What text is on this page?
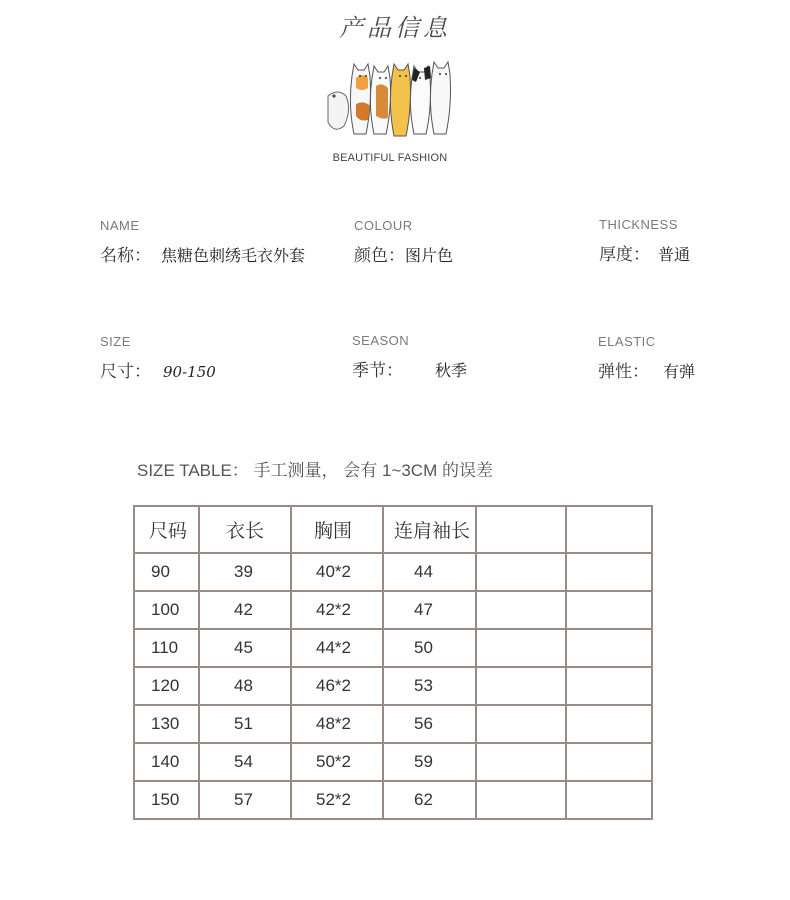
产品信息
BEAUTIFUL FASHION
NAME
名称： 焦糖色刺绣毛衣外套
COLOUR
颜色：图片色
THICKNESS
厚度： 普通
SIZE
尺寸： 90-150
SEASON
季节： 秋季
ELASTIC
弹性： 有弹
SIZE TABLE： 手工测量， 会有 1~3CM 的误差
尺码	衣长	胸围	连肩袖长		
90	39	40*2	44		
100	42	42*2	47		
110	45	44*2	50		
120	48	46*2	53		
130	51	48*2	56		
140	54	50*2	59		
150	57	52*2	62		
